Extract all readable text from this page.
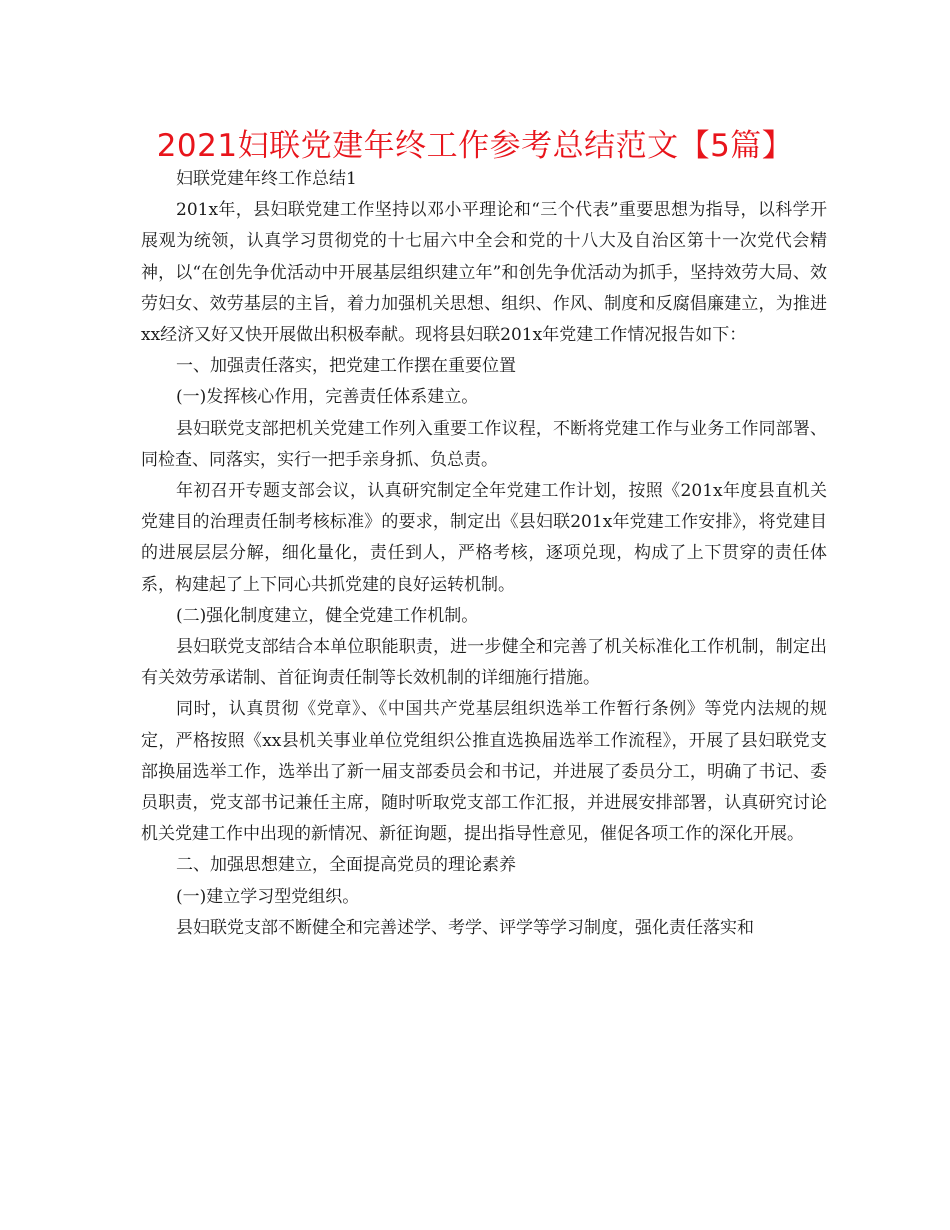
2021妇联党建年终工作参考总结范文【5篇】

妇联党建年终工作总结1

201x年，县妇联党建工作坚持以邓小平理论和“三个代表”重要思想为指导，以科学开展观为统领，认真学习贯彻党的十七届六中全会和党的十八大及自治区第十一次党代会精神，以“在创先争优活动中开展基层组织建立年”和创先争优活动为抓手，坚持效劳大局、效劳妇女、效劳基层的主旨，着力加强机关思想、组织、作风、制度和反腐倡廉建立，为推进xx经济又好又快开展做出积极奉献。现将县妇联201x年党建工作情况报告如下：

一、加强责任落实，把党建工作摆在重要位置

(一)发挥核心作用，完善责任体系建立。

县妇联党支部把机关党建工作列入重要工作议程，不断将党建工作与业务工作同部署、同检查、同落实，实行一把手亲身抓、负总责。

年初召开专题支部会议，认真研究制定全年党建工作计划，按照《201x年度县直机关党建目的治理责任制考核标准》的要求，制定出《县妇联201x年党建工作安排》，将党建目的进展层层分解，细化量化，责任到人，严格考核，逐项兑现，构成了上下贯穿的责任体系，构建起了上下同心共抓党建的良好运转机制。

(二)强化制度建立，健全党建工作机制。

县妇联党支部结合本单位职能职责，进一步健全和完善了机关标准化工作机制，制定出有关效劳承诺制、首征询责任制等长效机制的详细施行措施。

同时，认真贯彻《党章》、《中国共产党基层组织选举工作暂行条例》等党内法规的规定，严格按照《xx县机关事业单位党组织公推直选换届选举工作流程》，开展了县妇联党支部换届选举工作，选举出了新一届支部委员会和书记，并进展了委员分工，明确了书记、委员职责，党支部书记兼任主席，随时听取党支部工作汇报，并进展安排部署，认真研究讨论机关党建工作中出现的新情况、新征询题，提出指导性意见，催促各项工作的深化开展。

二、加强思想建立，全面提高党员的理论素养

(一)建立学习型党组织。

县妇联党支部不断健全和完善述学、考学、评学等学习制度，强化责任落实和
